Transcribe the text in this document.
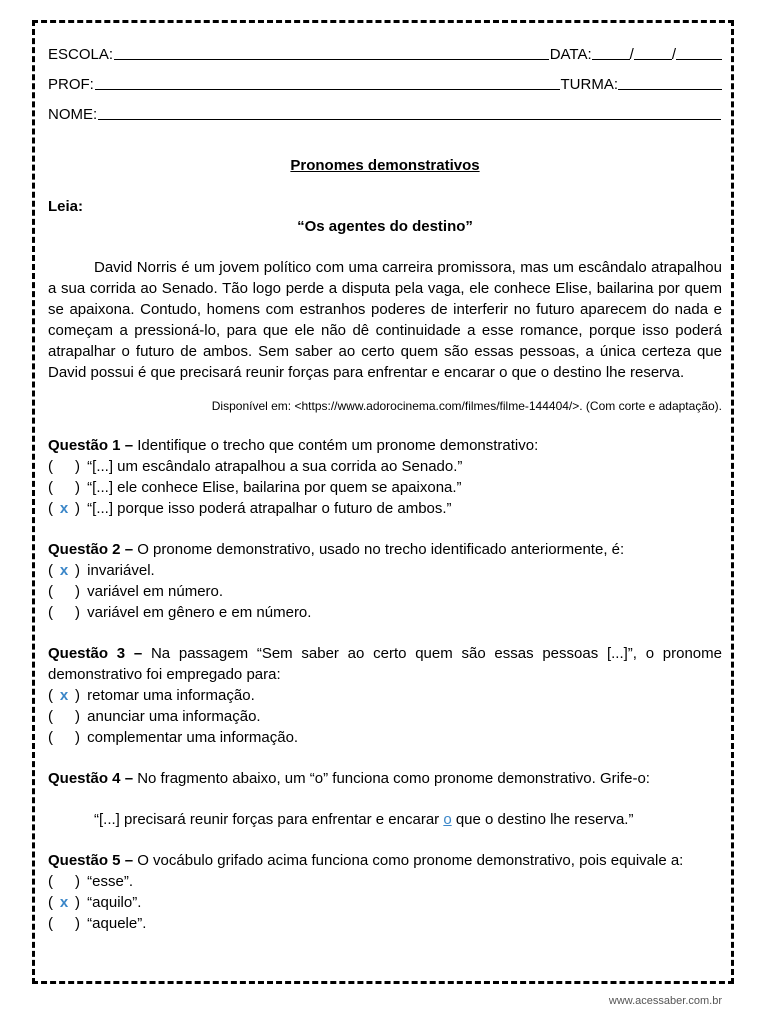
ESCOLA:	DATA:	/	/
PROF:	TURMA:
NOME:
Pronomes demonstrativos
Leia:
“Os agentes do destino”
David Norris é um jovem político com uma carreira promissora, mas um escândalo atrapalhou a sua corrida ao Senado. Tão logo perde a disputa pela vaga, ele conhece Elise, bailarina por quem se apaixona. Contudo, homens com estranhos poderes de interferir no futuro aparecem do nada e começam a pressioná-lo, para que ele não dê continuidade a esse romance, porque isso poderá atrapalhar o futuro de ambos. Sem saber ao certo quem são essas pessoas, a única certeza que David possui é que precisará reunir forças para enfrentar e encarar o que o destino lhe reserva.
Disponível em: <https://www.adorocinema.com/filmes/filme-144404/>. (Com corte e adaptação).
Questão 1 – Identifique o trecho que contém um pronome demonstrativo:
( ) “[...] um escândalo atrapalhou a sua corrida ao Senado.”
( ) “[...] ele conhece Elise, bailarina por quem se apaixona.”
( x ) “[...] porque isso poderá atrapalhar o futuro de ambos.”
Questão 2 – O pronome demonstrativo, usado no trecho identificado anteriormente, é:
( x ) invariável.
( ) variável em número.
( ) variável em gênero e em número.
Questão 3 – Na passagem “Sem saber ao certo quem são essas pessoas [...]”, o pronome demonstrativo foi empregado para:
( x ) retomar uma informação.
( ) anunciar uma informação.
( ) complementar uma informação.
Questão 4 – No fragmento abaixo, um “o” funciona como pronome demonstrativo. Grife-o:
“[...] precisará reunir forças para enfrentar e encarar o que o destino lhe reserva.”
Questão 5 – O vocábulo grifado acima funciona como pronome demonstrativo, pois equivale a:
( ) “esse”.
( x ) “aquilo”.
( ) “aquele”.
www.acessaber.com.br
